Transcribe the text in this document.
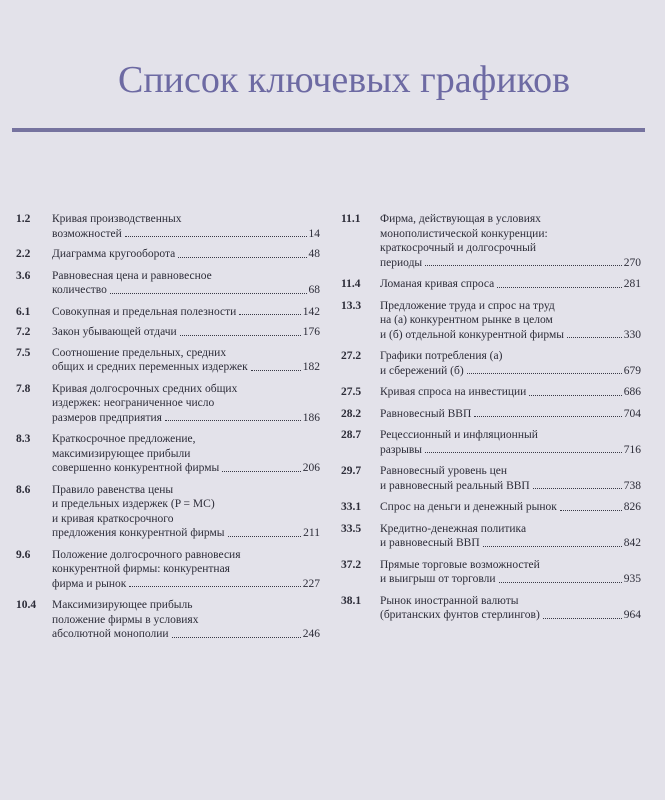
Список ключевых графиков
1.2	Кривая производственных
возможностей	14
2.2	Диаграмма кругооборота	48
3.6	Равновесная цена и равновесное
количество	68
6.1	Совокупная и предельная полезности	142
7.2	Закон убывающей отдачи	176
7.5	Соотношение предельных, средних
общих и средних переменных издержек	182
7.8	Кривая долгосрочных средних общих
издержек: неограниченное число
размеров предприятия	186
8.3	Краткосрочное предложение,
максимизирующее прибыли
совершенно конкурентной фирмы	206
8.6	Правило равенства цены
и предельных издержек (P = MC)
и кривая краткосрочного
предложения конкурентной фирмы	211
9.6	Положение долгосрочного равновесия
конкурентной фирмы: конкурентная
фирма и рынок	227
10.4	Максимизирующее прибыль
положение фирмы в условиях
абсолютной монополии	246
11.1	Фирма, действующая в условиях
монополистической конкуренции:
краткосрочный и долгосрочный
периоды	270
11.4	Ломаная кривая спроса	281
13.3	Предложение труда и спрос на труд
на (а) конкурентном рынке в целом
и (б) отдельной конкурентной фирмы	330
27.2	Графики потребления (а)
и сбережений (б)	679
27.5	Кривая спроса на инвестиции	686
28.2	Равновесный ВВП	704
28.7	Рецессионный и инфляционный
разрывы	716
29.7	Равновесный уровень цен
и равновесный реальный ВВП	738
33.1	Спрос на деньги и денежный рынок	826
33.5	Кредитно-денежная политика
и равновесный ВВП	842
37.2	Прямые торговые возможностей
и выигрыш от торговли	935
38.1	Рынок иностранной валюты
(британских фунтов стерлингов)	964
